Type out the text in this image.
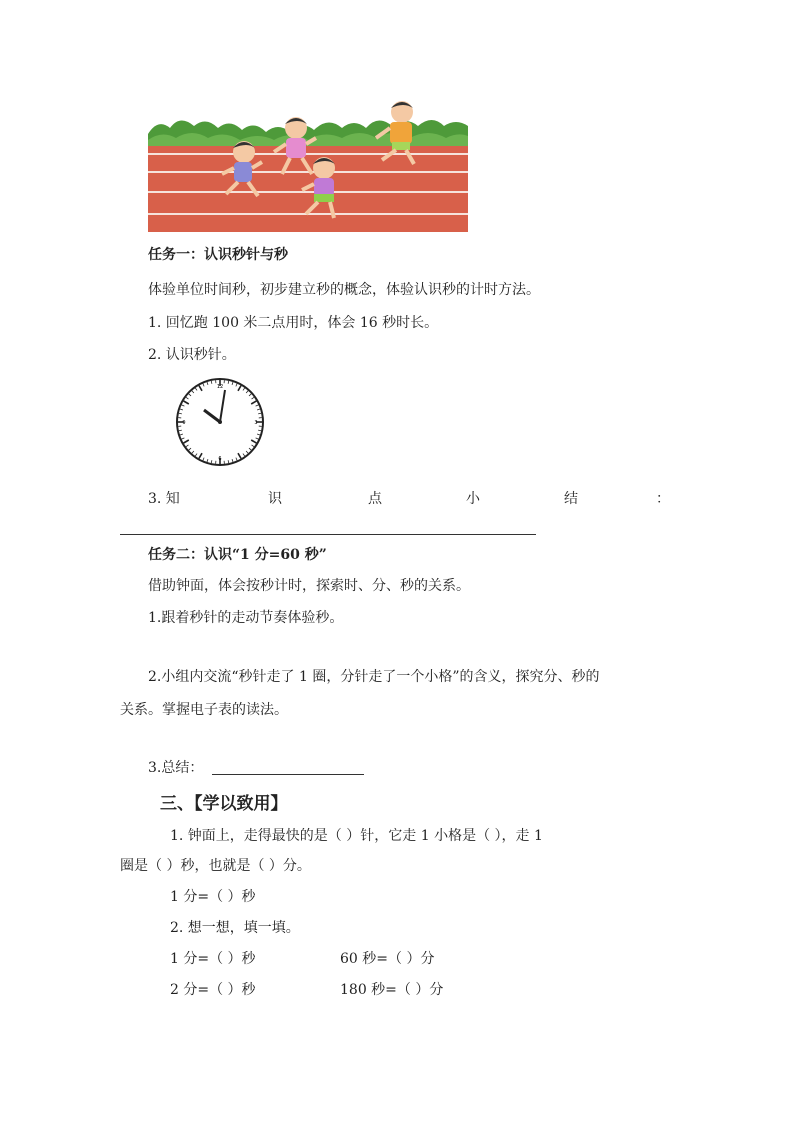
任务一：认识秒针与秒
体验单位时间秒，初步建立秒的概念，体验认识秒的计时方法。
1. 回忆跑 100 米二点用时，体会 16 秒时长。
2. 认识秒针。
12
3
6
9
3. 知	识	点	小	结	：
任务二：认识“1 分=60 秒”
借助钟面，体会按秒计时，探索时、分、秒的关系。
1.跟着秒针的走动节奏体验秒。
2.小组内交流“秒针走了 1 圈，分针走了一个小格”的含义，探究分、秒的
关系。掌握电子表的读法。
3.总结：
三、【学以致用】
1. 钟面上，走得最快的是（ ）针，它走 1 小格是（ ），走 1
圈是（ ）秒，也就是（ ）分。
1 分=（ ）秒
2. 想一想，填一填。
1 分=（ ）秒	60 秒=（ ）分
2 分=（ ）秒	180 秒=（ ）分
